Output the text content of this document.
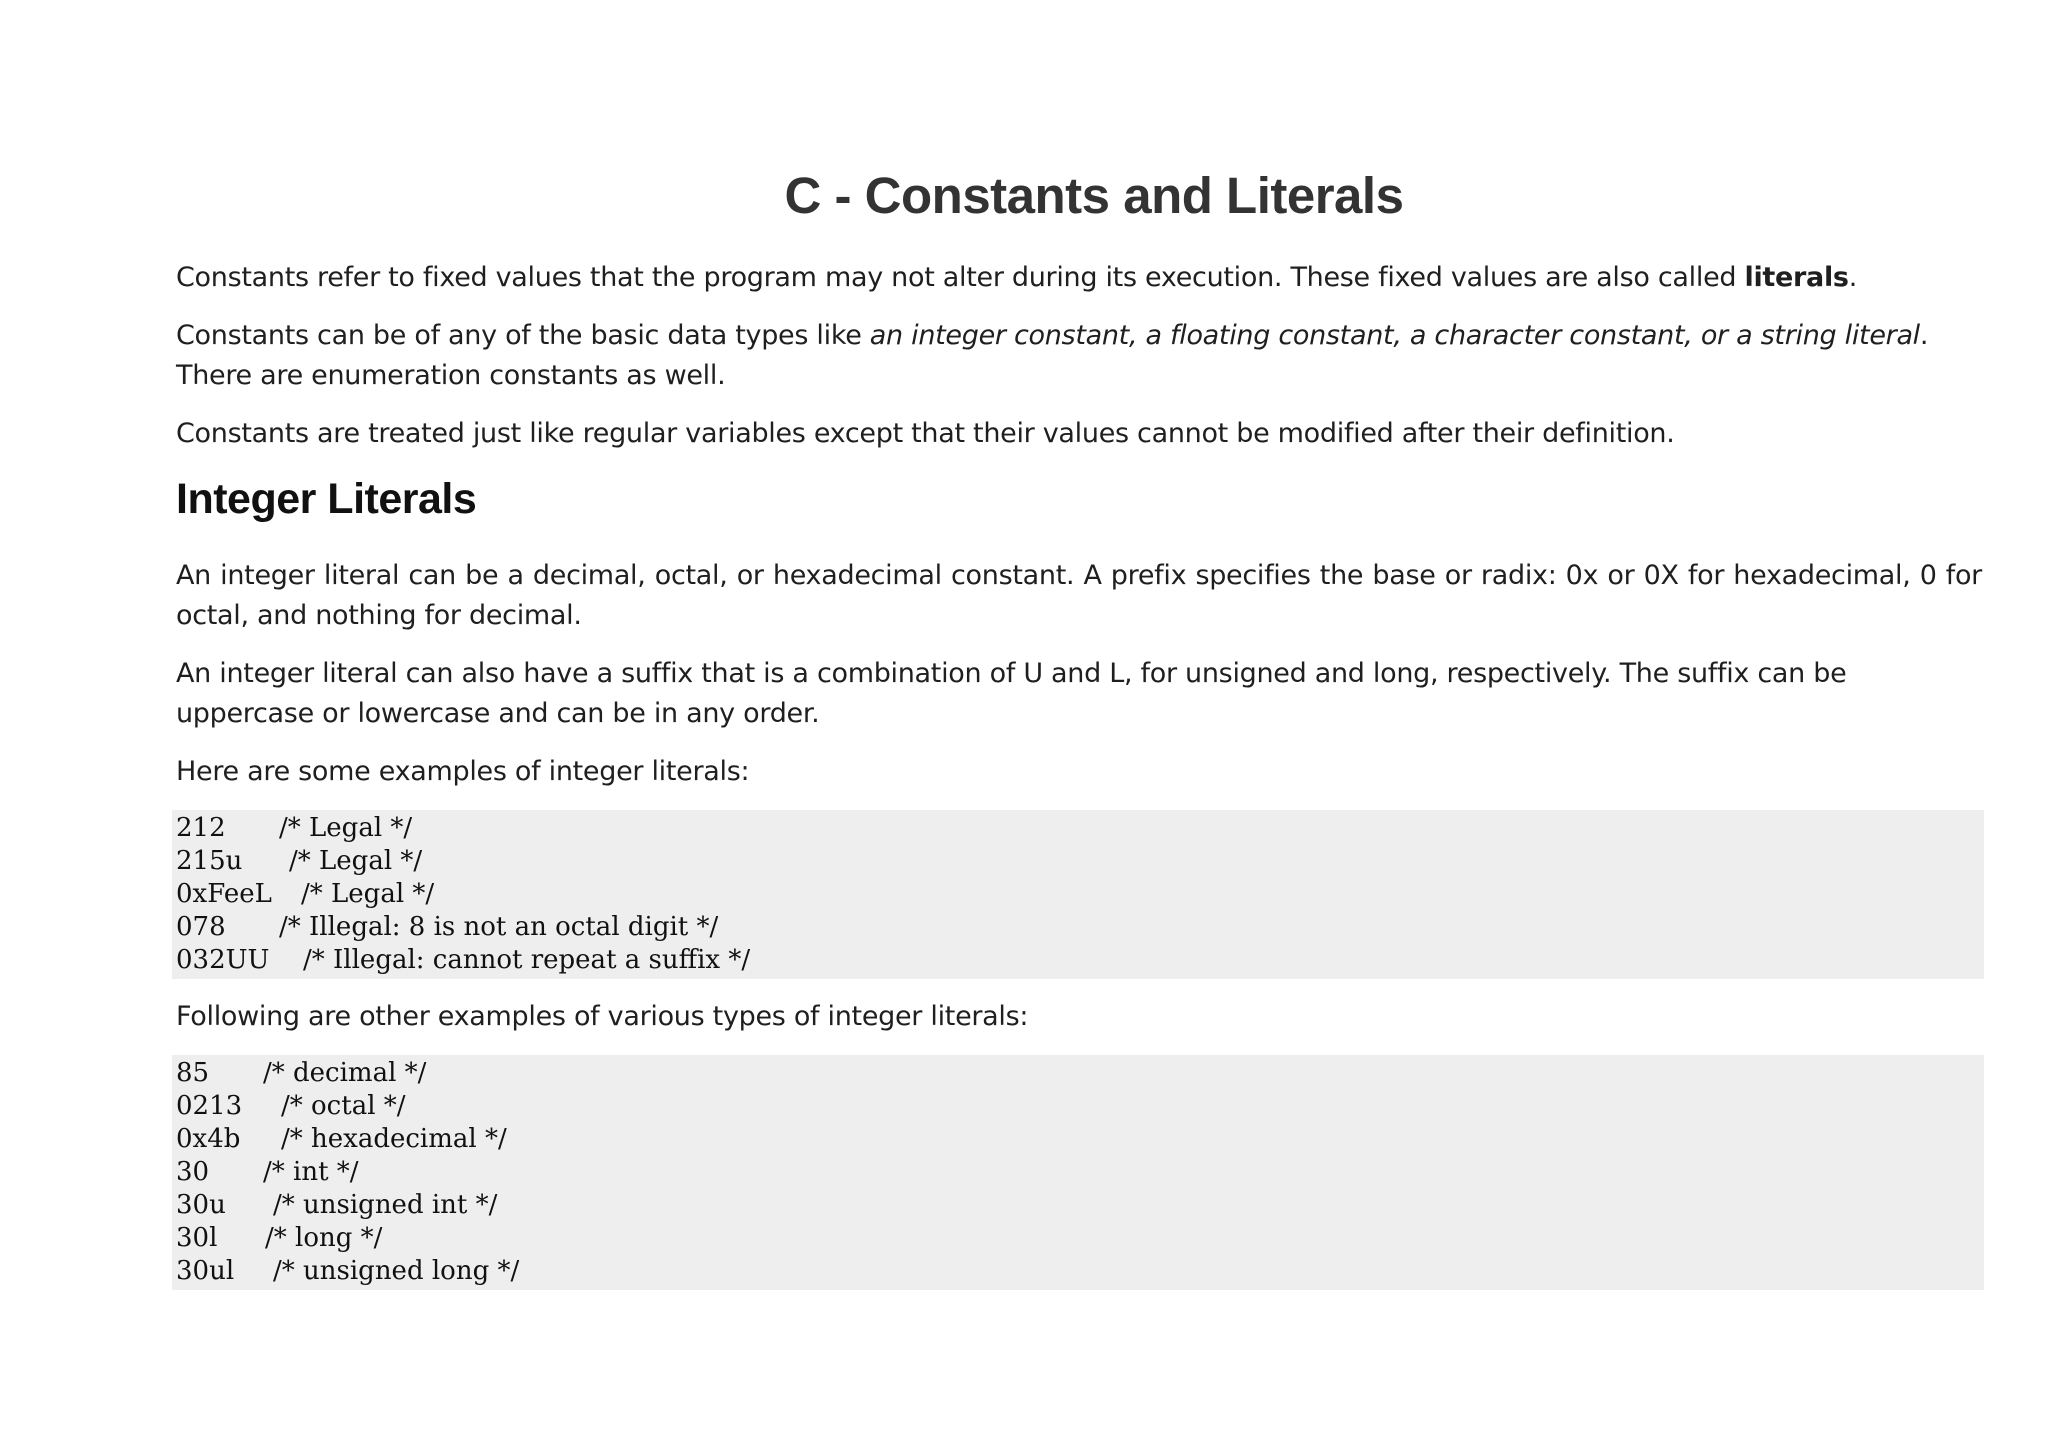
C - Constants and Literals

Constants refer to fixed values that the program may not alter during its execution. These fixed values are also called literals.

Constants can be of any of the basic data types like an integer constant, a floating constant, a character constant, or a string literal. There are enumeration constants as well.

Constants are treated just like regular variables except that their values cannot be modified after their definition.

Integer Literals

An integer literal can be a decimal, octal, or hexadecimal constant. A prefix specifies the base or radix: 0x or 0X for hexadecimal, 0 for octal, and nothing for decimal.

An integer literal can also have a suffix that is a combination of U and L, for unsigned and long, respectively. The suffix can be uppercase or lowercase and can be in any order.

Here are some examples of integer literals:

212 /* Legal */
215u /* Legal */
0xFeeL /* Legal */
078 /* Illegal: 8 is not an octal digit */
032UU /* Illegal: cannot repeat a suffix */

Following are other examples of various types of integer literals:

85 /* decimal */
0213 /* octal */
0x4b /* hexadecimal */
30 /* int */
30u /* unsigned int */
30l /* long */
30ul /* unsigned long */
